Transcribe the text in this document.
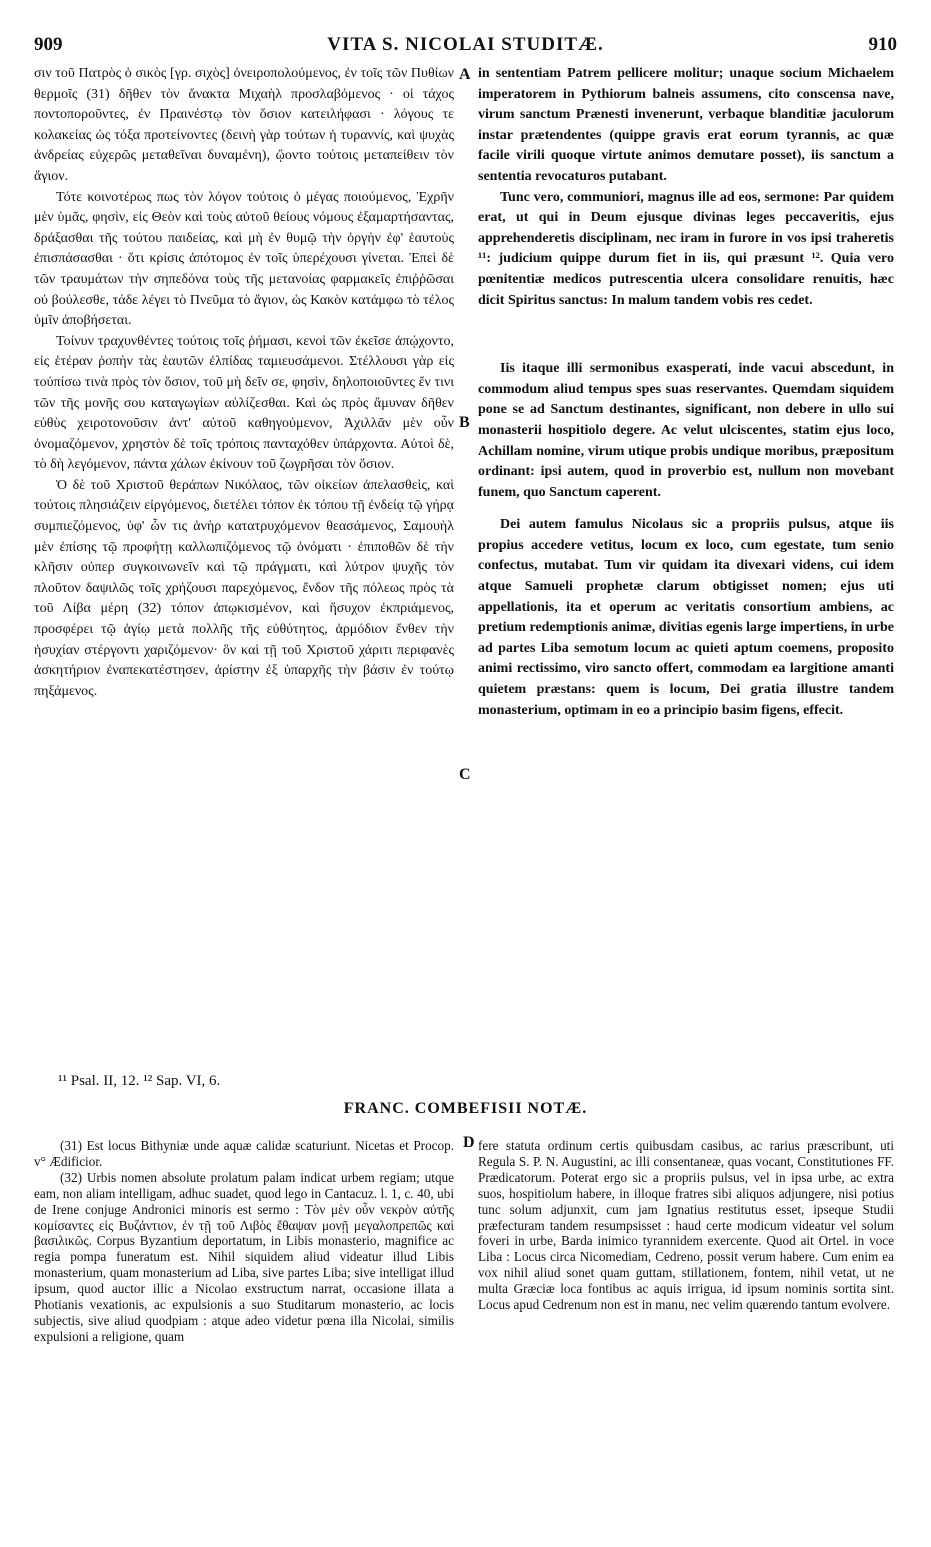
909	VITA S. NICOLAI STUDITÆ.	910

σιν τοῦ Πατρὸς ὁ σικὸς [γρ. σιχὸς] ὀνειροπολούμενος, ἐν τοῖς τῶν Πυθίων θερμοῖς (31) δῆθεν τὸν ἄνακτα Μιχαὴλ προσλαβόμενος · οἱ τάχος ποντοπορoῦντες, ἐν Πραινέστῳ τὸν ὅσιον κατειλήφασι · λόγους τε κολακείας ὡς τόξα προτείνοντες (δεινὴ γὰρ τούτων ἡ τυραννίς, καὶ ψυχὰς ἀνδρείας εὐχερῶς μεταθεῖναι δυναμένη), ᾤοντο τούτοις μεταπείθειν τὸν ἅγιον.

Τότε κοινοτέρως πως τὸν λόγον τούτοις ὁ μέγας ποιούμενος, Ἐχρῆν μὲν ὑμᾶς, φησὶν, εἰς Θεὸν καὶ τοὺς αὐτοῦ θείους νόμους ἐξαμαρτήσαντας, δράξασθαι τῆς τούτου παιδείας, καὶ μὴ ἐν θυμῷ τὴν ὀργὴν ἐφ' ἑαυτοὺς ἐπισπάσασθαι · ὅτι κρίσις ἀπότομος ἐν τοῖς ὑπερέχουσι γίνεται. Ἐπεὶ δὲ τῶν τραυμάτων τὴν σηπεδόνα τοὺς τῆς μετανοίας φαρμακεῖς ἐπιῤῥῶσαι οὐ βούλεσθε, τάδε λέγει τὸ Πνεῦμα τὸ ἅγιον, ὡς Κακὸν κατάμφω τὸ τέλος ὑμῖν ἀποβήσεται.

Τοίνυν τραχυνθέντες τούτοις τοῖς ῥήμασι, κενοὶ τῶν ἐκεῖσε ἀπῴχοντο, εἰς ἑτέραν ῥοπὴν τὰς ἑαυτῶν ἐλπίδας ταμιευσάμενοι. Στέλλουσι γὰρ εἰς τοὐπίσω τινὰ πρὸς τὸν ὅσιον, τοῦ μὴ δεῖν σε, φησὶν, δηλοποιοῦντες ἔν τινι τῶν τῆς μονῆς σου καταγωγίων αὐλίζεσθαι. Καὶ ὡς πρὸς ἄμυναν δῆθεν εὐθὺς χειροτονοῦσιν ἀντ' αὐτοῦ καθηγούμενον, Ἀχιλλᾶν μὲν οὖν ὀνομαζόμενον, χρηστὸν δὲ τοῖς τρόποις πανταχόθεν ὑπάρχοντα. Αὐτοὶ δὲ, τὸ δὴ λεγόμενον, πάντα χάλων ἐκίνουν τοῦ ζωγρῆσαι τὸν ὅσιον.

Ὁ δὲ τοῦ Χριστοῦ θεράπων Νικόλαος, τῶν οἰκείων ἀπελασθεὶς, καὶ τούτοις πλησιάζειν εἰργόμενος, διετέλει τόπον ἐκ τόπου τῇ ἐνδείᾳ τῷ γήρᾳ συμπιεζόμενος, ὑφ' ὧν τις ἀνὴρ κατατρυχόμενον θεασάμενος, Σαμουὴλ μὲν ἐπίσης τῷ προφήτῃ καλλωπιζόμενος τῷ ὀνόματι · ἐπιποθῶν δὲ τὴν κλῆσιν οὐπερ συγκοινωνεῖν καὶ τῷ πράγματι, καὶ λύτρον ψυχῆς τὸν πλοῦτον δαψιλῶς τοῖς χρήζουσι παρεχόμενος, ἔνδον τῆς πόλεως πρὸς τὰ τοῦ Λίβα μέρη (32) τόπον ἀπῳκισμένον, καὶ ἥσυχον ἐκπριάμενος, προσφέρει τῷ ἁγίῳ μετὰ πολλῆς τῆς εὐθύτητος, ἁρμόδιον ἔνθεν τὴν ἡσυχίαν στέργοντι χαριζόμενον· ὃν καὶ τῇ τοῦ Χριστοῦ χάριτι περιφανὲς ἀσκητήριον ἐναπεκατέστησεν, ἀρίστην ἐξ ὑπαρχῆς τὴν βάσιν ἐν τούτῳ πηξάμενος.

A
B
C

in sententiam Patrem pellicere molitur; unaque socium Michaelem imperatorem in Pythiorum balneis assumens, cito conscensa nave, virum sanctum Prænesti invenerunt, verbaque blanditiæ jaculorum instar prætendentes (quippe gravis erat eorum tyrannis, ac quæ facile virili quoque virtute animos demutare posset), iis sanctum a sententia revocaturos putabant.

Tunc vero, communiori, magnus ille ad eos, sermone: Par quidem erat, ut qui in Deum ejusque divinas leges peccaveritis, ejus apprehenderetis disciplinam, nec iram in furore in vos ipsi traheretis ¹¹: judicium quippe durum fiet in iis, qui præsunt ¹². Quia vero pœnitentiæ medicos putrescentia ulcera consolidare renuitis, hæc dicit Spiritus sanctus: In malum tandem vobis res cedet.

Iis itaque illi sermonibus exasperati, inde vacui abscedunt, in commodum aliud tempus spes suas reservantes. Quemdam siquidem pone se ad Sanctum destinantes, significant, non debere in ullo sui monasterii hospitiolo degere. Ac velut ulciscentes, statim ejus loco, Achillam nomine, virum utique probis undique moribus, præpositum ordinant: ipsi autem, quod in proverbio est, nullum non movebant funem, quo Sanctum caperent.

Dei autem famulus Nicolaus sic a propriis pulsus, atque iis propius accedere vetitus, locum ex loco, cum egestate, tum senio confectus, mutabat. Tum vir quidam ita divexari videns, cui idem atque Samueli prophetæ clarum obtigisset nomen; ejus uti appellationis, ita et operum ac veritatis consortium ambiens, ac pretium redemptionis animæ, divitias egenis large impertiens, in urbe ad partes Liba semotum locum ac quieti aptum coemens, proposito animi rectissimo, viro sancto offert, commodam ea largitione amanti quietem præstans: quem is locum, Dei gratia illustre tandem monasterium, optimam in eo a principio basim figens, effecit.

¹¹ Psal. II, 12. ¹² Sap. VI, 6.
FRANC. COMBEFISII NOTÆ.

(31) Est locus Bithyniæ unde aquæ calidæ scaturiunt. Nicetas et Procop. v° Ædificior.

(32) Urbis nomen absolute prolatum palam indicat urbem regiam; utque eam, non aliam intelligam, adhuc suadet, quod lego in Cantacuz. l. 1, c. 40, ubi de Irene conjuge Andronici minoris est sermo : Τὸν μὲν οὖν νεκρὸν αὐτῆς κομίσαντες εἰς Βυζάντιον, ἐν τῇ τοῦ Λιβὸς ἔθαψαν μονῇ μεγαλοπρεπῶς καὶ βασιλικῶς. Corpus Byzantium deportatum, in Libis monasterio, magnifice ac regia pompa funeratum est. Nihil siquidem aliud videatur illud Libis monasterium, quam monasterium ad Liba, sive partes Liba; sive intelligat illud ipsum, quod auctor illic a Nicolao exstructum narrat, occasione illata a Photianis vexationis, ac expulsionis a suo Studitarum monasterio, ac locis subjectis, sive aliud quodpiam : atque adeo videtur pœna illa Nicolai, similis expulsioni a religione, quam

D fere statuta ordinum certis quibusdam casibus, ac rarius præscribunt, uti Regula S. P. N. Augustini, ac illi consentaneæ, quas vocant, Constitutiones FF. Prædicatorum. Poterat ergo sic a propriis pulsus, vel in ipsa urbe, ac extra suos, hospitiolum habere, in illoque fratres sibi aliquos adjungere, nisi potius tunc solum adjunxit, cum jam Ignatius restitutus esset, ipseque Studii præfecturam tandem resumpsisset : haud certe modicum videatur vel solum foveri in urbe, Barda inimico tyrannidem exercente. Quod ait Ortel. in voce Liba : Locus circa Nicomediam, Cedreno, possit verum habere. Cum enim ea vox nihil aliud sonet quam guttam, stillationem, fontem, nihil vetat, ut ne multa Græciæ loca fontibus ac aquis irrigua, id ipsum nominis sortita sint. Locus apud Cedrenum non est in manu, nec velim quærendo tantum evolvere.
